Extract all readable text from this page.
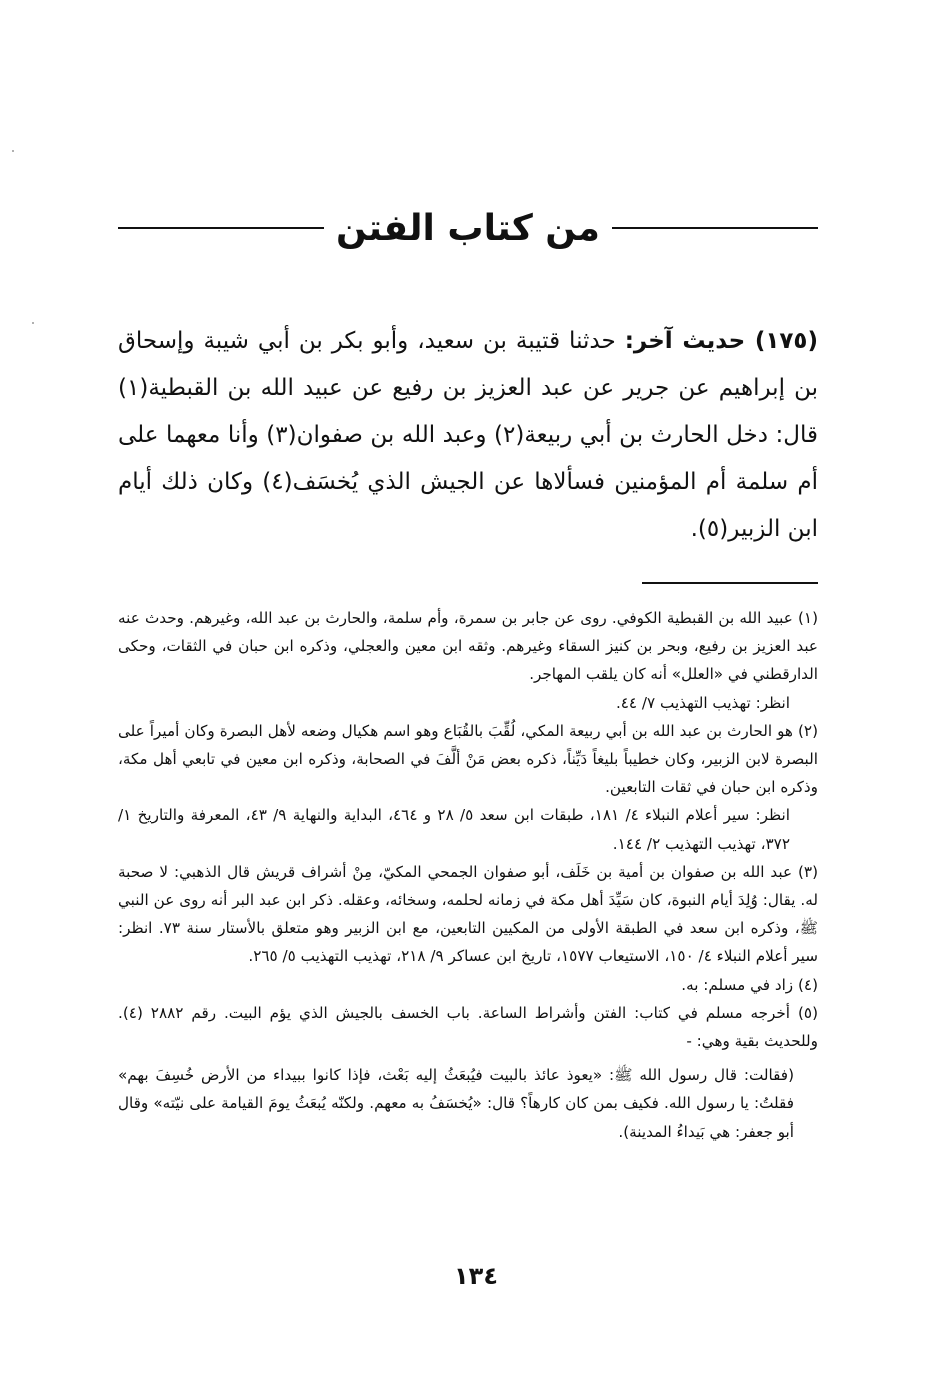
من كتاب الفتن
(١٧٥) حديث آخر: حدثنا قتيبة بن سعيد، وأبو بكر بن أبي شيبة وإسحاق بن إبراهيم عن جرير عن عبد العزيز بن رفيع عن عبيد الله بن القبطية(١) قال: دخل الحارث بن أبي ربيعة(٢) وعبد الله بن صفوان(٣) وأنا معهما على أم سلمة أم المؤمنين فسألاها عن الجيش الذي يُخسَف(٤) وكان ذلك أيام ابن الزبير(٥).

(١) عبيد الله بن القبطية الكوفي. روى عن جابر بن سمرة، وأم سلمة، والحارث بن عبد الله، وغيرهم. وحدث عنه عبد العزيز بن رفيع، وبحر بن كنيز السقاء وغيرهم. وثقه ابن معين والعجلي، وذكره ابن حبان في الثقات، وحكى الدارقطني في «العلل» أنه كان يلقب المهاجر.

انظر: تهذيب التهذيب ٧/ ٤٤.

(٢) هو الحارث بن عبد الله بن أبي ربيعة المكي، لُقِّبَ بالقُبَاع وهو اسم هكيال وضعه لأهل البصرة وكان أميراً على البصرة لابن الزبير، وكان خطيباً بليغاً دَيِّناً، ذكره بعض مَنْ ألَّفَ في الصحابة، وذكره ابن معين في تابعي أهل مكة، وذكره ابن حبان في ثقات التابعين.

انظر: سير أعلام النبلاء ٤/ ١٨١، طبقات ابن سعد ٥/ ٢٨ و ٤٦٤، البداية والنهاية ٩/ ٤٣، المعرفة والتاريخ ١/ ٣٧٢، تهذيب التهذيب ٢/ ١٤٤.

(٣) عبد الله بن صفوان بن أمية بن خَلَف، أبو صفوان الجمحي المكيّ، مِنْ أشراف قريش قال الذهبي: لا صحبة له. يقال: وُلِدَ أيام النبوة، كان سَيِّدَ أهل مكة في زمانه لحلمه، وسخائه، وعقله. ذكر ابن عبد البر أنه روى عن النبي ﷺ، وذكره ابن سعد في الطبقة الأولى من المكيين التابعين، مع ابن الزبير وهو متعلق بالأستار سنة ٧٣. انظر: سير أعلام النبلاء ٤/ ١٥٠، الاستيعاب ١٥٧٧، تاريخ ابن عساكر ٩/ ٢١٨، تهذيب التهذيب ٥/ ٢٦٥.

(٤) زاد في مسلم: به.

(٥) أخرجه مسلم في كتاب: الفتن وأشراط الساعة. باب الخسف بالجيش الذي يؤم البيت. رقم ٢٨٨٢ (٤). وللحديث بقية وهي: -

(فقالت: قال رسول الله ﷺ: «يعوذ عائذ بالبيت فيُبعَثُ إليه بَعْث، فإذا كانوا ببيداء من الأرض خُسِفَ بهم» فقلتُ: يا رسول الله. فكيف بمن كان كارهاً؟ قال: «يُخسَفُ به معهم. ولكنّه يُبعَثُ يومَ القيامة على نيّته» وقال أبو جعفر: هي بَيداءُ المدينة).

١٣٤
